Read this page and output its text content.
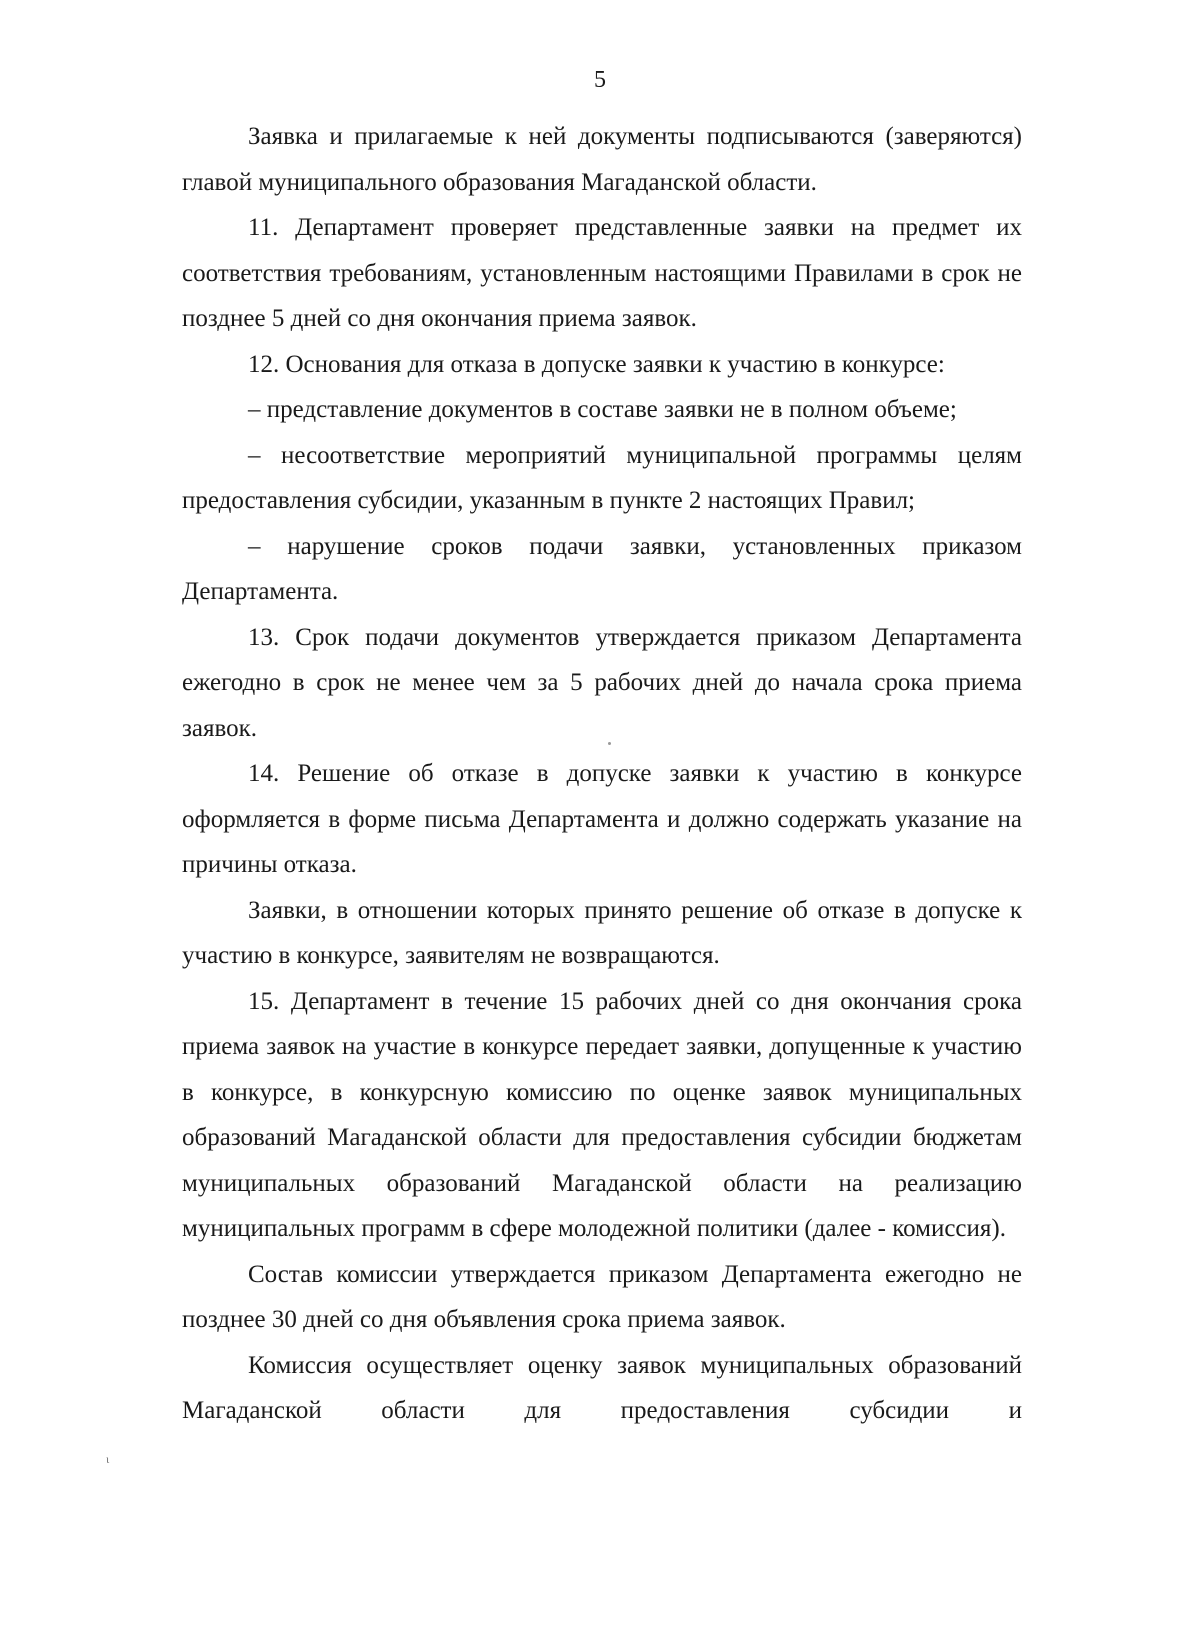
5

Заявка и прилагаемые к ней документы подписываются (заверяются) главой муниципального образования Магаданской области.

11. Департамент проверяет представленные заявки на предмет их соответствия требованиям, установленным настоящими Правилами в срок не позднее 5 дней со дня окончания приема заявок.

12. Основания для отказа в допуске заявки к участию в конкурсе:

– представление документов в составе заявки не в полном объеме;

– несоответствие мероприятий муниципальной программы целям предоставления субсидии, указанным в пункте 2 настоящих Правил;

– нарушение сроков подачи заявки, установленных приказом Департамента.

13. Срок подачи документов утверждается приказом Департамента ежегодно в срок не менее чем за 5 рабочих дней до начала срока приема заявок.

14. Решение об отказе в допуске заявки к участию в конкурсе оформляется в форме письма Департамента и должно содержать указание на причины отказа.

Заявки, в отношении которых принято решение об отказе в допуске к участию в конкурсе, заявителям не возвращаются.

15. Департамент в течение 15 рабочих дней со дня окончания срока приема заявок на участие в конкурсе передает заявки, допущенные к участию в конкурсе, в конкурсную комиссию по оценке заявок муниципальных образований Магаданской области для предоставления субсидии бюджетам муниципальных образований Магаданской области на реализацию муниципальных программ в сфере молодежной политики (далее - комиссия).

Состав комиссии утверждается приказом Департамента ежегодно не позднее 30 дней со дня объявления срока приема заявок.

Комиссия осуществляет оценку заявок муниципальных образований Магаданской области для предоставления субсидии и

ι
